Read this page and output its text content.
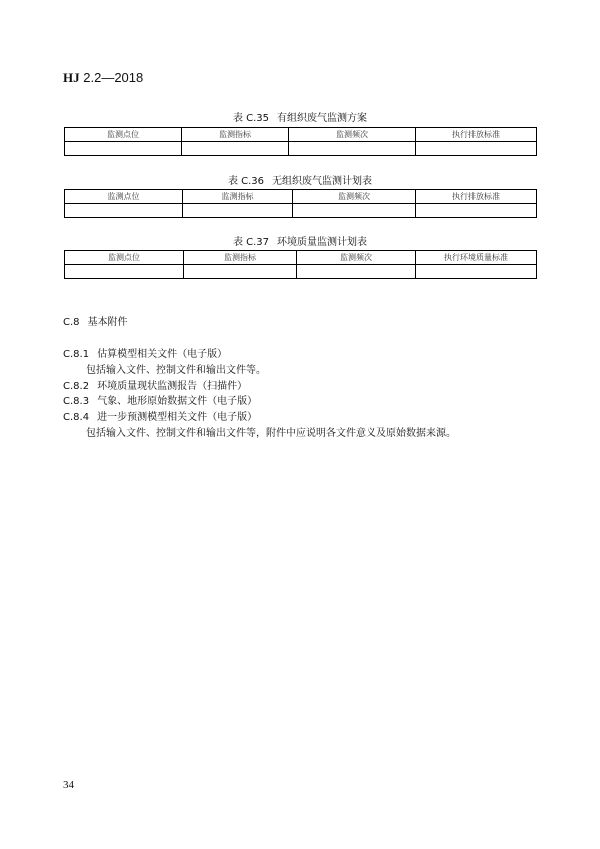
HJ 2.2—2018
表 C.35 有组织废气监测方案
监测点位	监测指标	监测频次	执行排放标准

表 C.36 无组织废气监测计划表
监测点位	监测指标	监测频次	执行排放标准

表 C.37 环境质量监测计划表
监测点位	监测指标	监测频次	执行环境质量标准

C.8 基本附件
C.8.1 估算模型相关文件（电子版）
包括输入文件、控制文件和输出文件等。
C.8.2 环境质量现状监测报告（扫描件）
C.8.3 气象、地形原始数据文件（电子版）
C.8.4 进一步预测模型相关文件（电子版）
包括输入文件、控制文件和输出文件等，附件中应说明各文件意义及原始数据来源。
34
